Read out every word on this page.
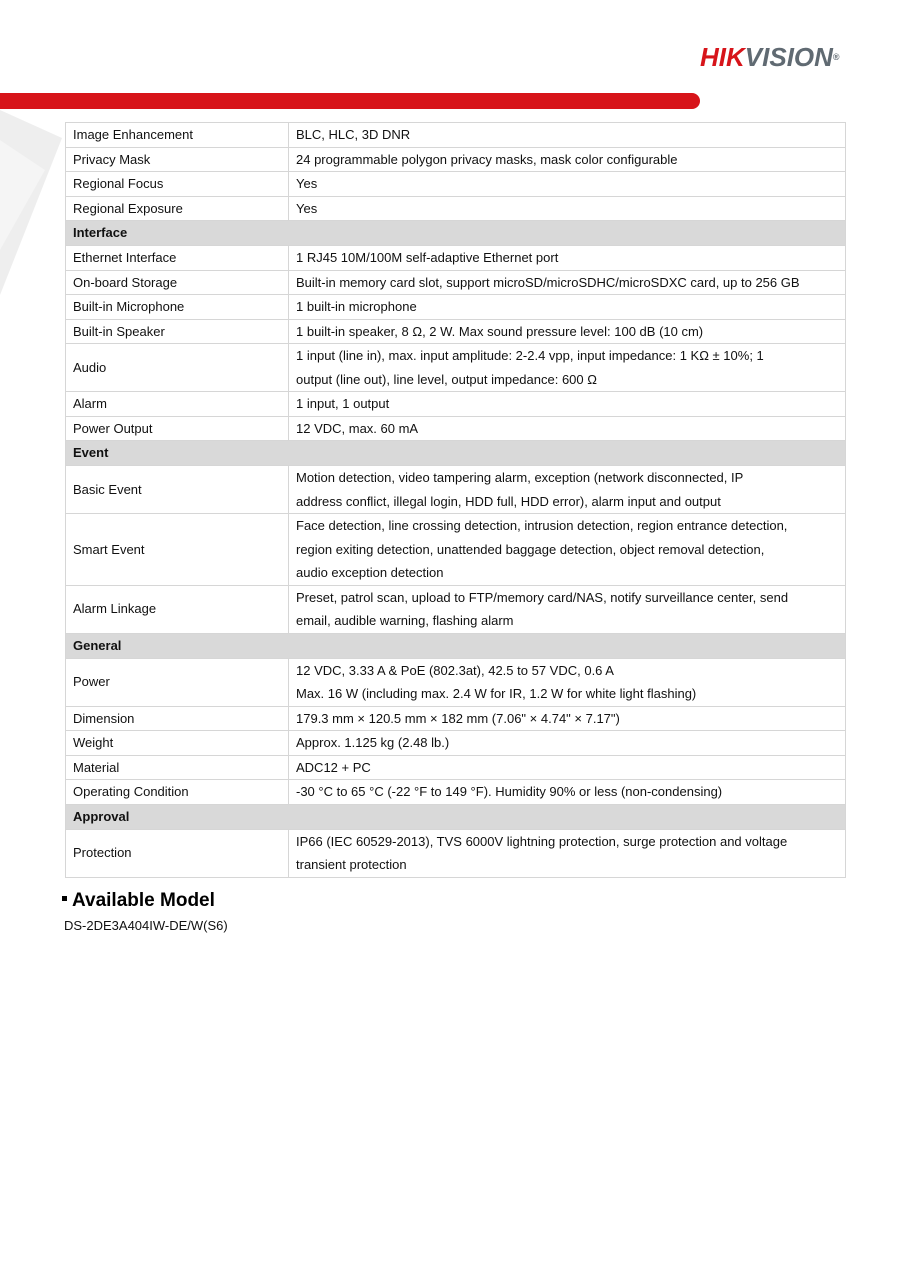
HIKVISION®
Image Enhancement	BLC, HLC, 3D DNR

Privacy Mask	24 programmable polygon privacy masks, mask color configurable

Regional Focus	Yes

Regional Exposure	Yes

Interface	
Ethernet Interface	1 RJ45 10M/100M self-adaptive Ethernet port

On-board Storage	Built-in memory card slot, support microSD/microSDHC/microSDXC card, up to 256 GB

Built-in Microphone	1 built-in microphone

Built-in Speaker	1 built-in speaker, 8 Ω, 2 W. Max sound pressure level: 100 dB (10 cm)

Audio	1 input (line in), max. input amplitude: 2-2.4 vpp, input impedance: 1 KΩ ± 10%; 1
output (line out), line level, output impedance: 600 Ω

Alarm	1 input, 1 output

Power Output	12 VDC, max. 60 mA

Event	
Basic Event	Motion detection, video tampering alarm, exception (network disconnected, IP
address conflict, illegal login, HDD full, HDD error), alarm input and output

Smart Event	Face detection, line crossing detection, intrusion detection, region entrance detection,
region exiting detection, unattended baggage detection, object removal detection,
audio exception detection

Alarm Linkage	Preset, patrol scan, upload to FTP/memory card/NAS, notify surveillance center, send
email, audible warning, flashing alarm

General	
Power	12 VDC, 3.33 A & PoE (802.3at), 42.5 to 57 VDC, 0.6 A
Max. 16 W (including max. 2.4 W for IR, 1.2 W for white light flashing)

Dimension	179.3 mm × 120.5 mm × 182 mm (7.06" × 4.74" × 7.17")

Weight	Approx. 1.125 kg (2.48 lb.)

Material	ADC12 + PC

Operating Condition	-30 °C to 65 °C (-22 °F to 149 °F). Humidity 90% or less (non-condensing)

Approval	
Protection	IP66 (IEC 60529-2013), TVS 6000V lightning protection, surge protection and voltage
transient protection
Available Model
DS-2DE3A404IW-DE/W(S6)
